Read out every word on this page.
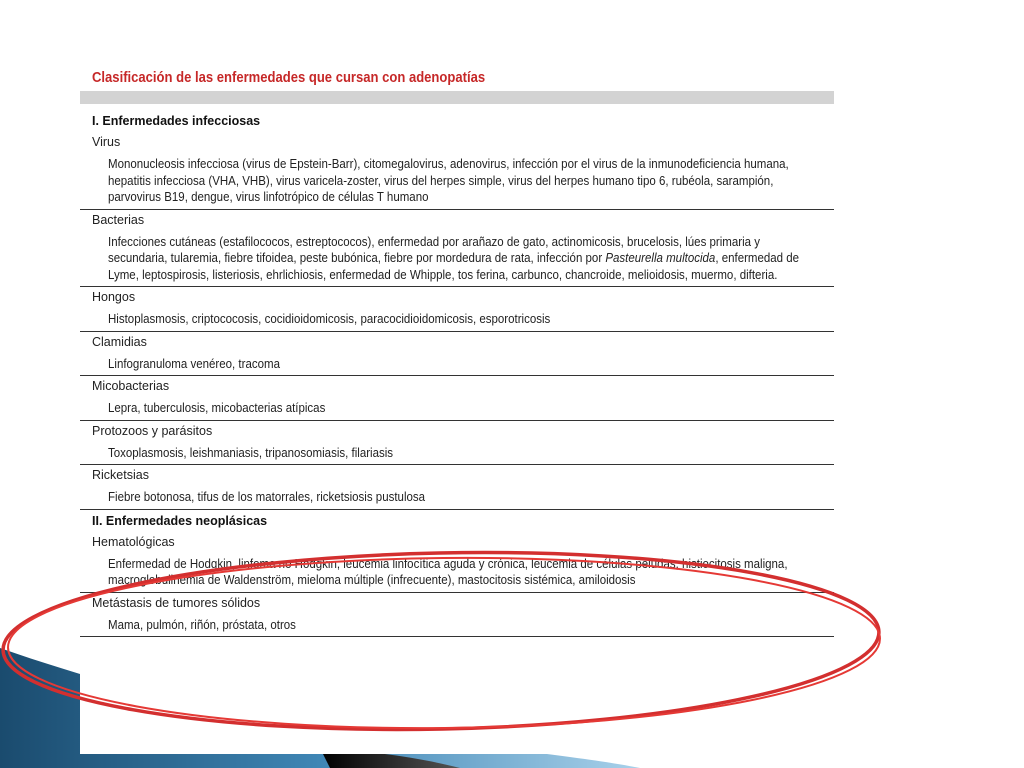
Clasificación de las enfermedades que cursan con adenopatías
I. Enfermedades infecciosas
Virus
Mononucleosis infecciosa (virus de Epstein-Barr), citomegalovirus, adenovirus, infección por el virus de la inmunodeficiencia humana, hepatitis infecciosa (VHA, VHB), virus varicela-zoster, virus del herpes simple, virus del herpes humano tipo 6, rubéola, sarampión, parvovirus B19, dengue, virus linfotrópico de células T humano
Bacterias
Infecciones cutáneas (estafilococos, estreptococos), enfermedad por arañazo de gato, actinomicosis, brucelosis, lúes primaria y secundaria, tularemia, fiebre tifoidea, peste bubónica, fiebre por mordedura de rata, infección por Pasteurella multocida, enfermedad de Lyme, leptospirosis, listeriosis, ehrlichiosis, enfermedad de Whipple, tos ferina, carbunco, chancroide, melioidosis, muermo, difteria.
Hongos
Histoplasmosis, criptococosis, cocidioidomicosis, paracocidioidomicosis, esporotricosis
Clamidias
Linfogranuloma venéreo, tracoma
Micobacterias
Lepra, tuberculosis, micobacterias atípicas
Protozoos y parásitos
Toxoplasmosis, leishmaniasis, tripanosomiasis, filariasis
Ricketsias
Fiebre botonosa, tifus de los matorrales, ricketsiosis pustulosa
II. Enfermedades neoplásicas
Hematológicas
Enfermedad de Hodgkin, linfoma no Hodgkin, leucemia linfocítica aguda y crónica, leucemia de células peludas, histiocitosis maligna, macroglobulinemia de Waldenström, mieloma múltiple (infrecuente), mastocitosis sistémica, amiloidosis
Metástasis de tumores sólidos
Mama, pulmón, riñón, próstata, otros
